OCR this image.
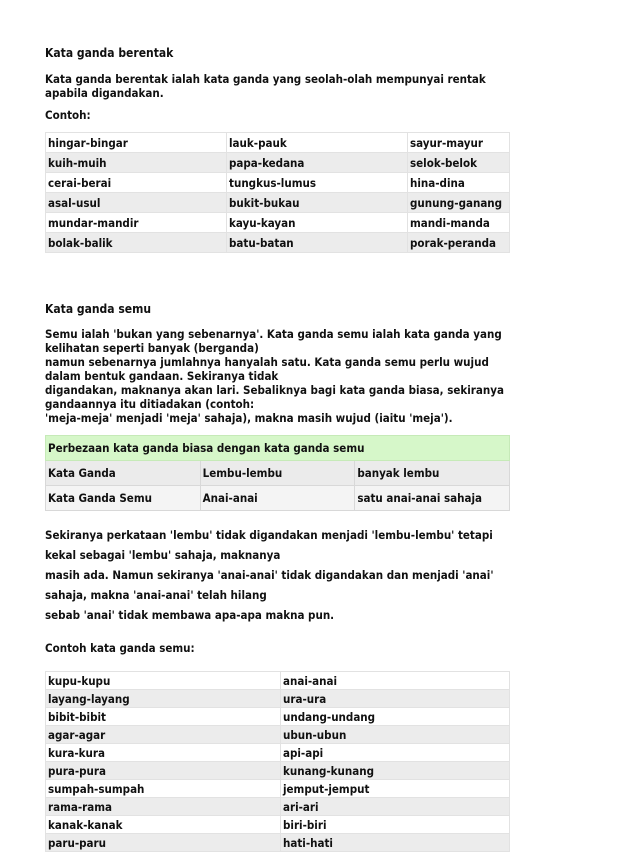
Kata ganda berentak

Kata ganda berentak ialah kata ganda yang seolah-olah mempunyai rentak apabila digandakan.

Contoh:

hingar-bingar	lauk-pauk	sayur-mayur
kuih-muih	papa-kedana	selok-belok
cerai-berai	tungkus-lumus	hina-dina
asal-usul	bukit-bukau	gunung-ganang
mundar-mandir	kayu-kayan	mandi-manda
bolak-balik	batu-batan	porak-peranda

Kata ganda semu

Semu ialah 'bukan yang sebenarnya'. Kata ganda semu ialah kata ganda yang kelihatan seperti banyak (berganda)

namun sebenarnya jumlahnya hanyalah satu. Kata ganda semu perlu wujud dalam bentuk gandaan. Sekiranya tidak

digandakan, maknanya akan lari. Sebaliknya bagi kata ganda biasa, sekiranya gandaannya itu ditiadakan (contoh:

'meja-meja' menjadi 'meja' sahaja), makna masih wujud (iaitu 'meja').

Perbezaan kata ganda biasa dengan kata ganda semu		
Kata Ganda	Lembu-lembu	banyak lembu
Kata Ganda Semu	Anai-anai	satu anai-anai sahaja

Sekiranya perkataan 'lembu' tidak digandakan menjadi 'lembu-lembu' tetapi kekal sebagai 'lembu' sahaja, maknanya

masih ada. Namun sekiranya 'anai-anai' tidak digandakan dan menjadi 'anai' sahaja, makna 'anai-anai' telah hilang

sebab 'anai' tidak membawa apa-apa makna pun.

Contoh kata ganda semu:

kupu-kupu	anai-anai
layang-layang	ura-ura
bibit-bibit	undang-undang
agar-agar	ubun-ubun
kura-kura	api-api
pura-pura	kunang-kunang
sumpah-sumpah	jemput-jemput
rama-rama	ari-ari
kanak-kanak	biri-biri
paru-paru	hati-hati
